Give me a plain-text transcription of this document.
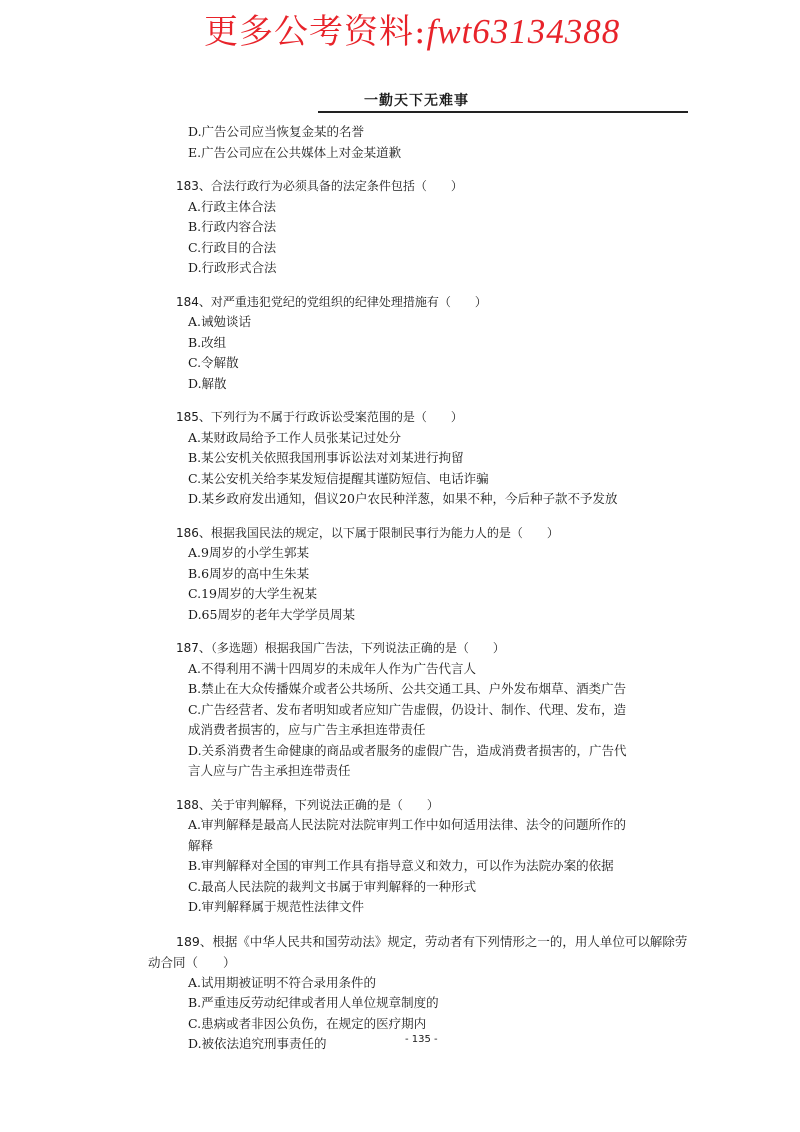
更多公考资料:fwt63134388
一勤天下无难事
D.广告公司应当恢复金某的名誉
E.广告公司应在公共媒体上对金某道歉
183、合法行政行为必须具备的法定条件包括（　　）
A.行政主体合法
B.行政内容合法
C.行政目的合法
D.行政形式合法
184、对严重违犯党纪的党组织的纪律处理措施有（　　）
A.诫勉谈话
B.改组
C.令解散
D.解散
185、下列行为不属于行政诉讼受案范围的是（　　）
A.某财政局给予工作人员张某记过处分
B.某公安机关依照我国刑事诉讼法对刘某进行拘留
C.某公安机关给李某发短信提醒其谨防短信、电话诈骗
D.某乡政府发出通知，倡议20户农民种洋葱，如果不种，今后种子款不予发放
186、根据我国民法的规定，以下属于限制民事行为能力人的是（　　）
A.9周岁的小学生郭某
B.6周岁的高中生朱某
C.19周岁的大学生祝某
D.65周岁的老年大学学员周某
187、（多选题）根据我国广告法，下列说法正确的是（　　）
A.不得利用不满十四周岁的未成年人作为广告代言人
B.禁止在大众传播媒介或者公共场所、公共交通工具、户外发布烟草、酒类广告
C.广告经营者、发布者明知或者应知广告虚假，仍设计、制作、代理、发布，造
成消费者损害的，应与广告主承担连带责任
D.关系消费者生命健康的商品或者服务的虚假广告，造成消费者损害的，广告代
言人应与广告主承担连带责任
188、关于审判解释，下列说法正确的是（　　）
A.审判解释是最高人民法院对法院审判工作中如何适用法律、法令的问题所作的
解释
B.审判解释对全国的审判工作具有指导意义和效力，可以作为法院办案的依据
C.最高人民法院的裁判文书属于审判解释的一种形式
D.审判解释属于规范性法律文件
189、根据《中华人民共和国劳动法》规定，劳动者有下列情形之一的，用人单位可以解除劳动合同（　　）
A.试用期被证明不符合录用条件的
B.严重违反劳动纪律或者用人单位规章制度的
C.患病或者非因公负伤，在规定的医疗期内
D.被依法追究刑事责任的	- 135 -
